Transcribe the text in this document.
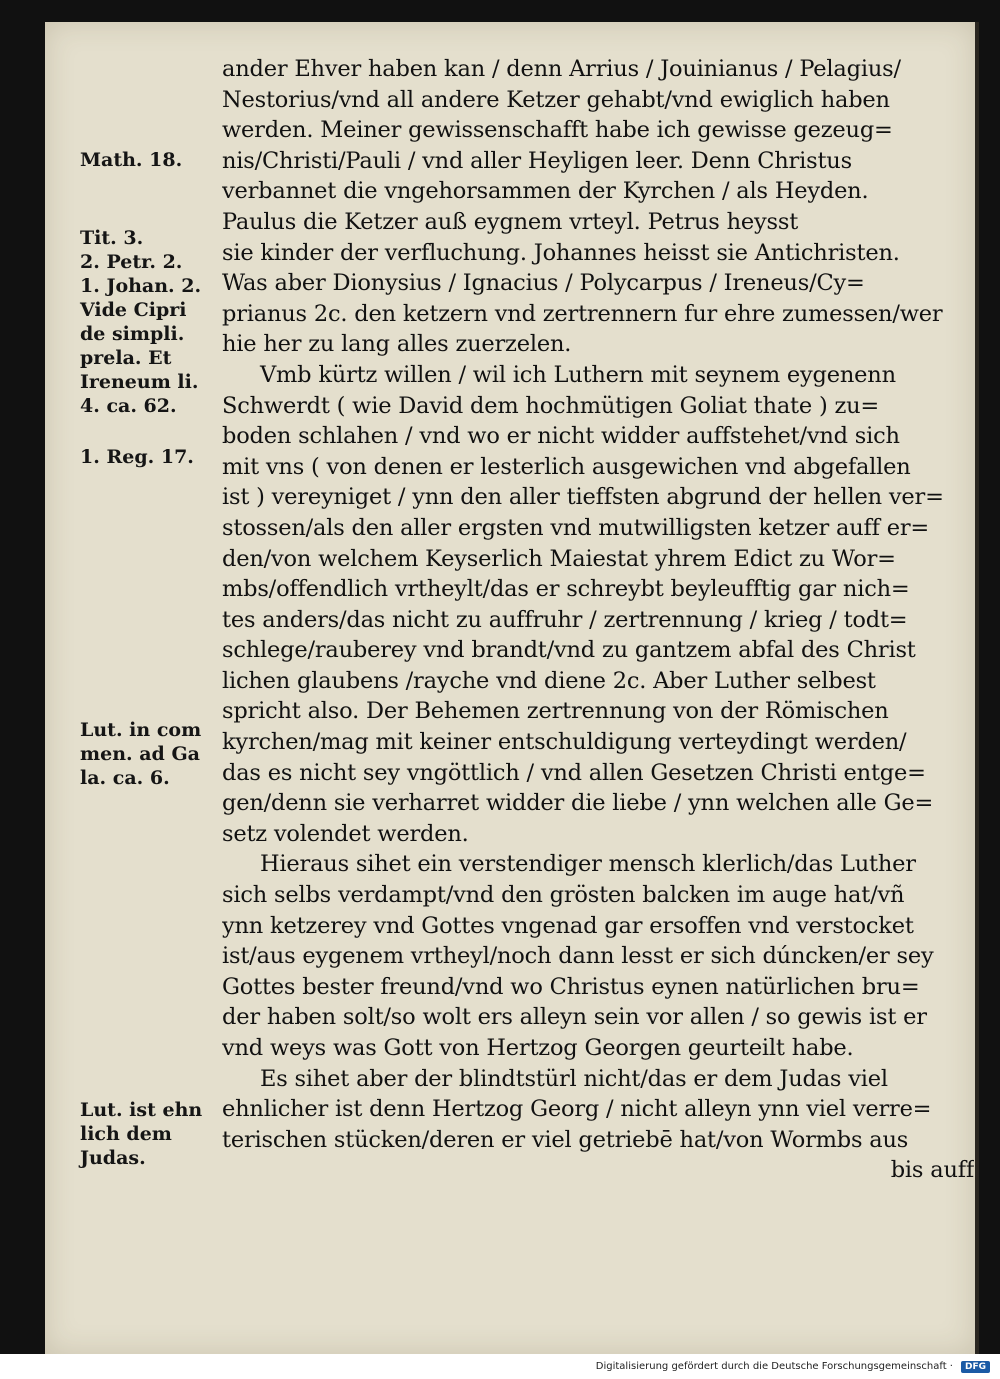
Math. 18.
Tit. 3.
2. Petr. 2.
1. Johan. 2.
Vide Cipri
de simpli.
prela. Et
Ireneum li.
4. ca. 62.
1. Reg. 17.
Lut. in com
men. ad Ga
la. ca. 6.
Lut. ist ehn
lich dem
Judas.
ander Ehver haben kan / denn Arrius / Jouinianus / Pelagius/
Nestorius/vnd all andere Ketzer gehabt/vnd ewiglich haben
werden. Meiner gewissenschafft habe ich gewisse gezeug=
nis/Christi/Pauli / vnd aller Heyligen leer. Denn Christus
verbannet die vngehorsammen der Kyrchen / als Heyden.
Paulus die Ketzer auß eygnem vrteyl. Petrus heysst
sie kinder der verfluchung. Johannes heisst sie Antichristen.
Was aber Dionysius / Ignacius / Polycarpus / Ireneus/Cy=
prianus 2c. den ketzern vnd zertrennern fur ehre zumessen/wer
hie her zu lang alles zuerzelen.
Vmb kürtz willen / wil ich Luthern mit seynem eygenenn
Schwerdt ( wie David dem hochmütigen Goliat thate ) zu=
boden schlahen / vnd wo er nicht widder auffstehet/vnd sich
mit vns ( von denen er lesterlich ausgewichen vnd abgefallen
ist ) vereyniget / ynn den aller tieffsten abgrund der hellen ver=
stossen/als den aller ergsten vnd mutwilligsten ketzer auff er=
den/von welchem Keyserlich Maiestat yhrem Edict zu Wor=
mbs/offendlich vrtheylt/das er schreybt beyleufftig gar nich=
tes anders/das nicht zu auffruhr / zertrennung / krieg / todt=
schlege/rauberey vnd brandt/vnd zu gantzem abfal des Christ
lichen glaubens /rayche vnd diene 2c. Aber Luther selbest
spricht also. Der Behemen zertrennung von der Römischen
kyrchen/mag mit keiner entschuldigung verteydingt werden/
das es nicht sey vngöttlich / vnd allen Gesetzen Christi entge=
gen/denn sie verharret widder die liebe / ynn welchen alle Ge=
setz volendet werden.
Hieraus sihet ein verstendiger mensch klerlich/das Luther
sich selbs verdampt/vnd den grösten balcken im auge hat/vñ
ynn ketzerey vnd Gottes vngenad gar ersoffen vnd verstocket
ist/aus eygenem vrtheyl/noch dann lesst er sich dúncken/er sey
Gottes bester freund/vnd wo Christus eynen natürlichen bru=
der haben solt/so wolt ers alleyn sein vor allen / so gewis ist er
vnd weys was Gott von Hertzog Georgen geurteilt habe.
Es sihet aber der blindtstürl nicht/das er dem Judas viel
ehnlicher ist denn Hertzog Georg / nicht alleyn ynn viel verre=
terischen stücken/deren er viel getriebē hat/von Wormbs aus
bis auff
Digitalisierung gefördert durch die Deutsche Forschungsgemeinschaft ·	DFG
